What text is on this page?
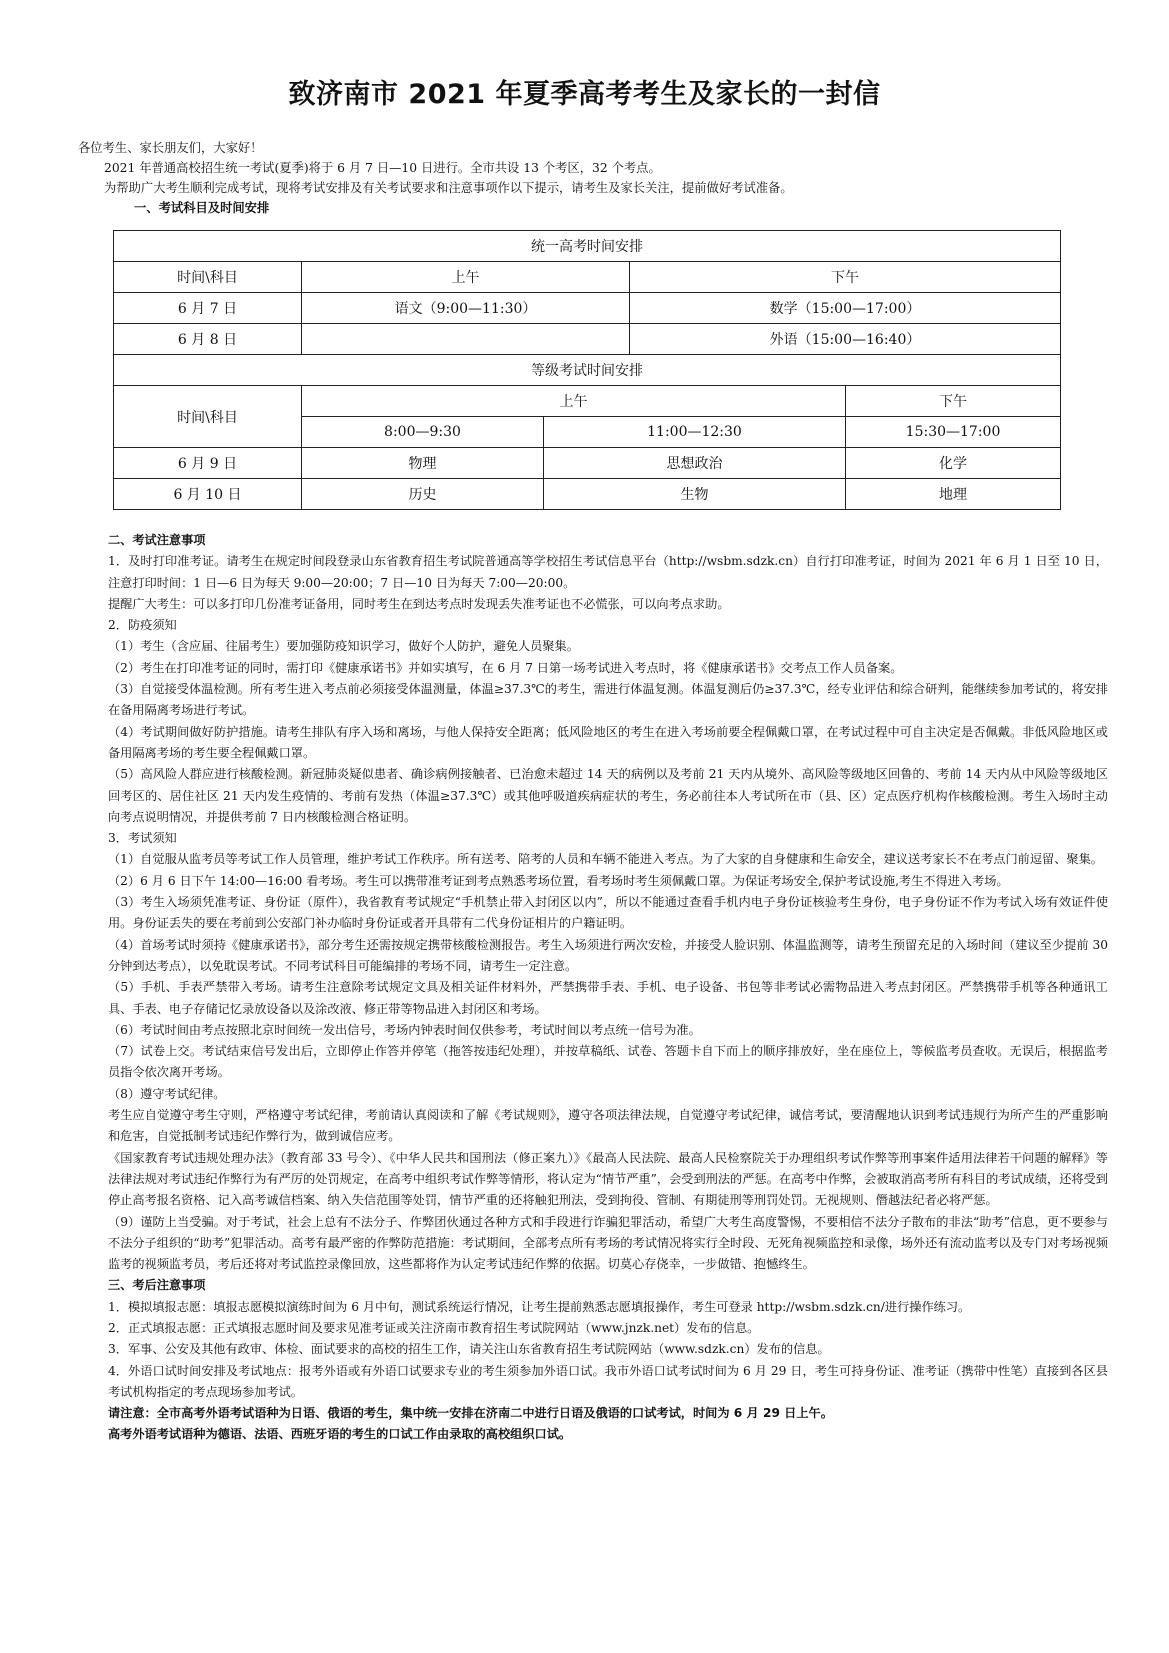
致济南市 2021 年夏季高考考生及家长的一封信

各位考生、家长朋友们，大家好！

2021 年普通高校招生统一考试(夏季)将于 6 月 7 日—10 日进行。全市共设 13 个考区，32 个考点。

为帮助广大考生顺利完成考试，现将考试安排及有关考试要求和注意事项作以下提示，请考生及家长关注，提前做好考试准备。

一、考试科目及时间安排

统一高考时间安排				
时间\科目	上午		下午	
6 月 7 日	语文（9:00—11:30）		数学（15:00—17:00）	
6 月 8 日			外语（15:00—16:40）	
等级考试时间安排				
时间\科目	上午			下午
	8:00—9:30	11:00—12:30		15:30—17:00
6 月 9 日	物理	思想政治		化学
6 月 10 日	历史	生物		地理

二、考试注意事项

1．及时打印准考证。请考生在规定时间段登录山东省教育招生考试院普通高等学校招生考试信息平台（http://wsbm.sdzk.cn）自行打印准考证，时间为 2021 年 6 月 1 日至 10 日，注意打印时间：1 日—6 日为每天 9:00—20:00；7 日—10 日为每天 7:00—20:00。

提醒广大考生：可以多打印几份准考证备用，同时考生在到达考点时发现丢失准考证也不必慌张，可以向考点求助。

2．防疫须知

（1）考生（含应届、往届考生）要加强防疫知识学习，做好个人防护，避免人员聚集。

（2）考生在打印准考证的同时，需打印《健康承诺书》并如实填写，在 6 月 7 日第一场考试进入考点时，将《健康承诺书》交考点工作人员备案。

（3）自觉接受体温检测。所有考生进入考点前必须接受体温测量，体温≥37.3℃的考生，需进行体温复测。体温复测后仍≥37.3℃，经专业评估和综合研判，能继续参加考试的，将安排在备用隔离考场进行考试。

（4）考试期间做好防护措施。请考生排队有序入场和离场，与他人保持安全距离；低风险地区的考生在进入考场前要全程佩戴口罩，在考试过程中可自主决定是否佩戴。非低风险地区或备用隔离考场的考生要全程佩戴口罩。

（5）高风险人群应进行核酸检测。新冠肺炎疑似患者、确诊病例接触者、已治愈未超过 14 天的病例以及考前 21 天内从境外、高风险等级地区回鲁的、考前 14 天内从中风险等级地区回考区的、居住社区 21 天内发生疫情的、考前有发热（体温≥37.3℃）或其他呼吸道疾病症状的考生，务必前往本人考试所在市（县、区）定点医疗机构作核酸检测。考生入场时主动向考点说明情况，并提供考前 7 日内核酸检测合格证明。

3．考试须知

（1）自觉服从监考员等考试工作人员管理，维护考试工作秩序。所有送考、陪考的人员和车辆不能进入考点。为了大家的自身健康和生命安全，建议送考家长不在考点门前逗留、聚集。

（2）6 月 6 日下午 14:00—16:00 看考场。考生可以携带准考证到考点熟悉考场位置，看考场时考生须佩戴口罩。为保证考场安全,保护考试设施,考生不得进入考场。

（3）考生入场须凭准考证、身份证（原件），我省教育考试规定“手机禁止带入封闭区以内”，所以不能通过查看手机内电子身份证核验考生身份，电子身份证不作为考试入场有效证件使用。身份证丢失的要在考前到公安部门补办临时身份证或者开具带有二代身份证相片的户籍证明。

（4）首场考试时须持《健康承诺书》，部分考生还需按规定携带核酸检测报告。考生入场须进行两次安检，并接受人脸识别、体温监测等，请考生预留充足的入场时间（建议至少提前 30 分钟到达考点），以免耽误考试。不同考试科目可能编排的考场不同，请考生一定注意。

（5）手机、手表严禁带入考场。请考生注意除考试规定文具及相关证件材料外，严禁携带手表、手机、电子设备、书包等非考试必需物品进入考点封闭区。严禁携带手机等各种通讯工具、手表、电子存储记忆录放设备以及涂改液、修正带等物品进入封闭区和考场。

（6）考试时间由考点按照北京时间统一发出信号，考场内钟表时间仅供参考，考试时间以考点统一信号为准。

（7）试卷上交。考试结束信号发出后，立即停止作答并停笔（拖答按违纪处理），并按草稿纸、试卷、答题卡自下而上的顺序排放好，坐在座位上，等候监考员查收。无误后，根据监考员指令依次离开考场。

（8）遵守考试纪律。

考生应自觉遵守考生守则，严格遵守考试纪律，考前请认真阅读和了解《考试规则》，遵守各项法律法规，自觉遵守考试纪律，诚信考试，要清醒地认识到考试违规行为所产生的严重影响和危害，自觉抵制考试违纪作弊行为，做到诚信应考。

《国家教育考试违规处理办法》（教育部 33 号令）、《中华人民共和国刑法（修正案九）》《最高人民法院、最高人民检察院关于办理组织考试作弊等刑事案件适用法律若干问题的解释》等法律法规对考试违纪作弊行为有严厉的处罚规定，在高考中组织考试作弊等情形，将认定为“情节严重”，会受到刑法的严惩。在高考中作弊，会被取消高考所有科目的考试成绩，还将受到停止高考报名资格、记入高考诚信档案、纳入失信范围等处罚，情节严重的还将触犯刑法，受到拘役、管制、有期徒刑等刑罚处罚。无视规则、僭越法纪者必将严惩。

（9）谨防上当受骗。对于考试，社会上总有不法分子、作弊团伙通过各种方式和手段进行诈骗犯罪活动，希望广大考生高度警惕，不要相信不法分子散布的非法“助考”信息，更不要参与不法分子组织的“助考”犯罪活动。高考有最严密的作弊防范措施：考试期间，全部考点所有考场的考试情况将实行全时段、无死角视频监控和录像，场外还有流动监考以及专门对考场视频监考的视频监考员，考后还将对考试监控录像回放，这些都将作为认定考试违纪作弊的依据。切莫心存侥幸，一步做错、抱憾终生。

三、考后注意事项

1．模拟填报志愿：填报志愿模拟演练时间为 6 月中旬，测试系统运行情况，让考生提前熟悉志愿填报操作，考生可登录 http://wsbm.sdzk.cn/进行操作练习。

2．正式填报志愿：正式填报志愿时间及要求见准考证或关注济南市教育招生考试院网站（www.jnzk.net）发布的信息。

3．军事、公安及其他有政审、体检、面试要求的高校的招生工作，请关注山东省教育招生考试院网站（www.sdzk.cn）发布的信息。

4．外语口试时间安排及考试地点：报考外语或有外语口试要求专业的考生须参加外语口试。我市外语口试考试时间为 6 月 29 日，考生可持身份证、准考证（携带中性笔）直接到各区县考试机构指定的考点现场参加考试。

请注意：全市高考外语考试语种为日语、俄语的考生，集中统一安排在济南二中进行日语及俄语的口试考试，时间为 6 月 29 日上午。

高考外语考试语种为德语、法语、西班牙语的考生的口试工作由录取的高校组织口试。
